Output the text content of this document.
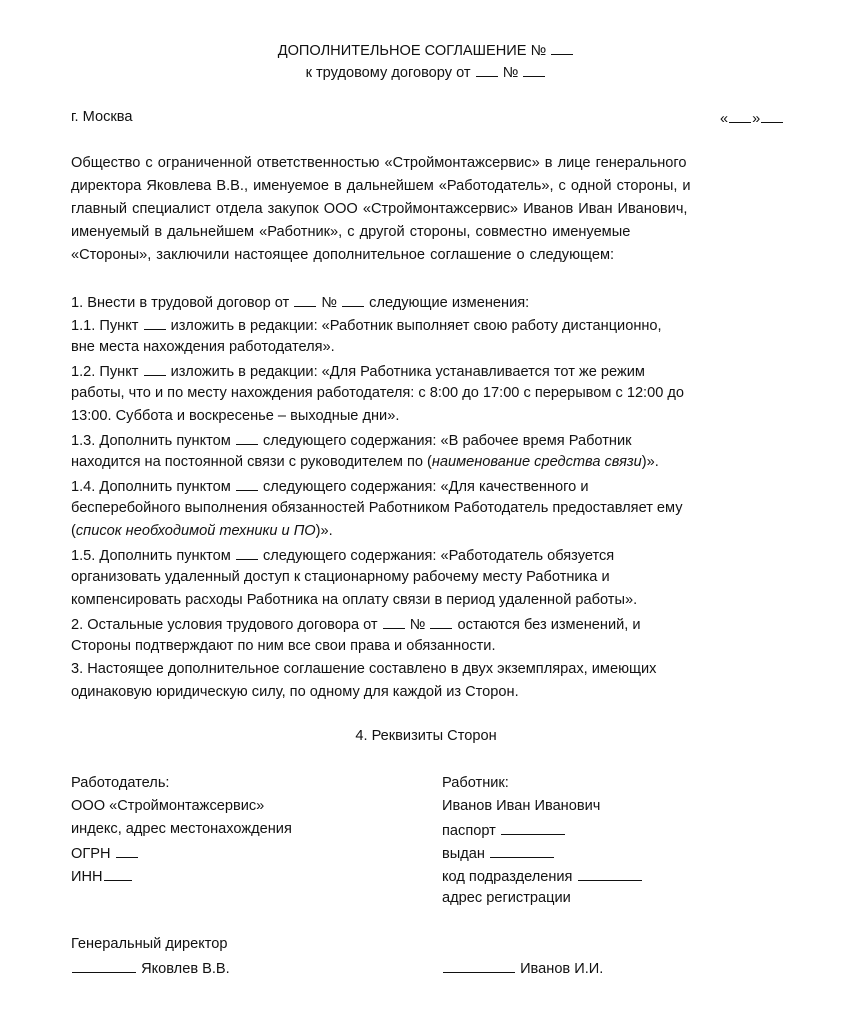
ДОПОЛНИТЕЛЬНОЕ СОГЛАШЕНИЕ №
к трудовому договору от №
г. Москва	« »
Общество с ограниченной ответственностью «Строймонтажсервис» в лице генерального
директора Яковлева В.В., именуемое в дальнейшем «Работодатель», с одной стороны, и
главный специалист отдела закупок ООО «Строймонтажсервис» Иванов Иван Иванович,
именуемый в дальнейшем «Работник», с другой стороны, совместно именуемые
«Стороны», заключили настоящее дополнительное соглашение о следующем:
1. Внести в трудовой договор от № следующие изменения:
1.1. Пункт изложить в редакции: «Работник выполняет свою работу дистанционно,
вне места нахождения работодателя».
1.2. Пункт изложить в редакции: «Для Работника устанавливается тот же режим
работы, что и по месту нахождения работодателя: с 8:00 до 17:00 с перерывом с 12:00 до
13:00. Суббота и воскресенье – выходные дни».
1.3. Дополнить пунктом следующего содержания: «В рабочее время Работник
находится на постоянной связи с руководителем по (наименование средства связи)».
1.4. Дополнить пунктом следующего содержания: «Для качественного и
бесперебойного выполнения обязанностей Работником Работодатель предоставляет ему
(список необходимой техники и ПО)».
1.5. Дополнить пунктом следующего содержания: «Работодатель обязуется
организовать удаленный доступ к стационарному рабочему месту Работника и
компенсировать расходы Работника на оплату связи в период удаленной работы».
2. Остальные условия трудового договора от № остаются без изменений, и
Стороны подтверждают по ним все свои права и обязанности.
3. Настоящее дополнительное соглашение составлено в двух экземплярах, имеющих
одинаковую юридическую силу, по одному для каждой из Сторон.
4. Реквизиты Сторон
Работодатель:
ООО «Строймонтажсервис»
индекс, адрес местонахождения
ОГРН
ИНН
Работник:
Иванов Иван Иванович
паспорт
выдан
код подразделения
адрес регистрации
Генеральный директор
Яковлев В.В.	Иванов И.И.
